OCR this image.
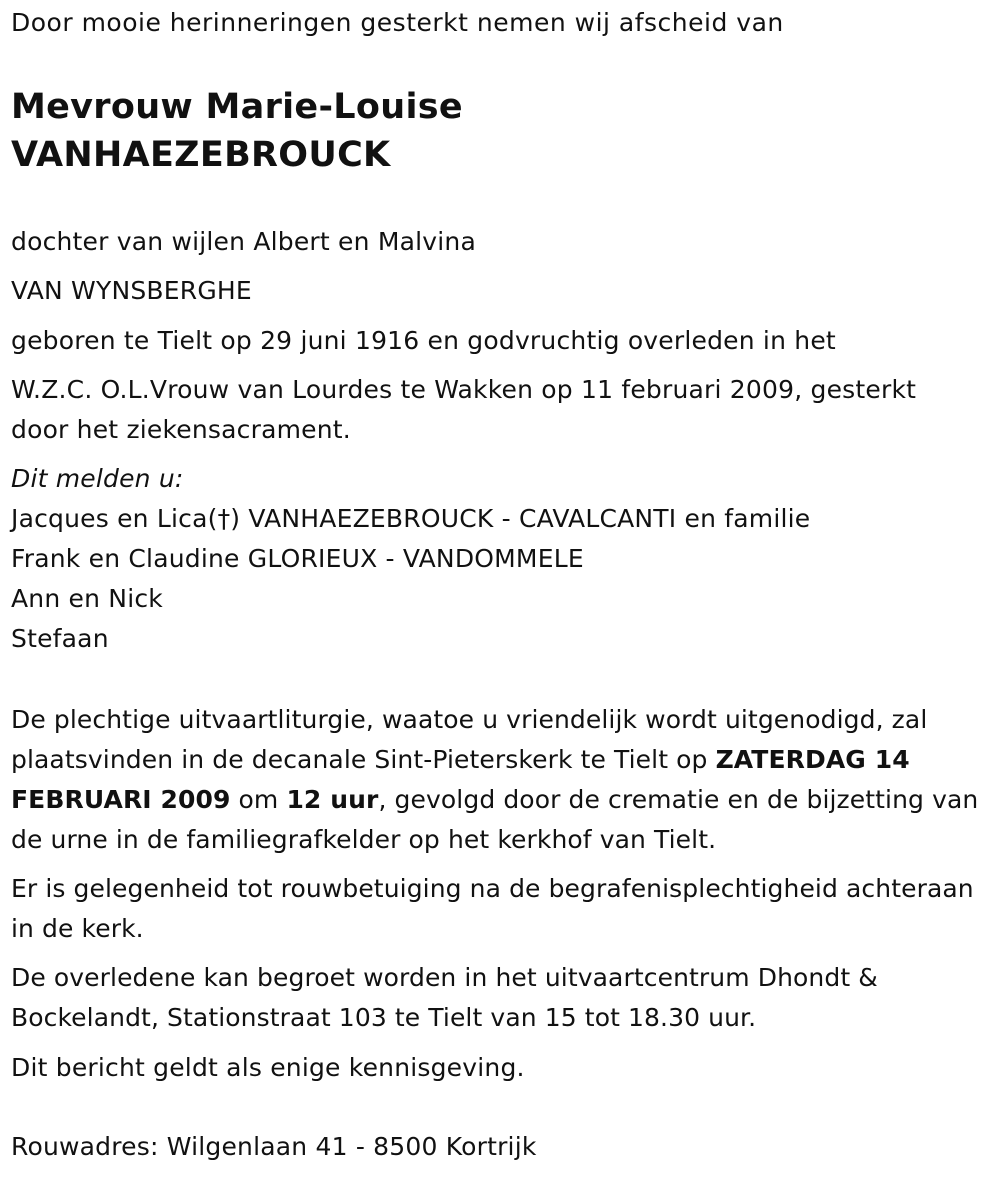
Door mooie herinneringen gesterkt nemen wij afscheid van
Mevrouw Marie-Louise
VANHAEZEBROUCK
dochter van wijlen Albert en Malvina
VAN WYNSBERGHE
geboren te Tielt op 29 juni 1916 en godvruchtig overleden in het
W.Z.C. O.L.Vrouw van Lourdes te Wakken op 11 februari 2009, gesterkt
door het ziekensacrament.
Dit melden u:
Jacques en Lica(†) VANHAEZEBROUCK - CAVALCANTI en familie
Frank en Claudine GLORIEUX - VANDOMMELE
Ann en Nick
Stefaan
De plechtige uitvaartliturgie, waatoe u vriendelijk wordt uitgenodigd, zal plaatsvinden in de decanale Sint-Pieterskerk te Tielt op ZATERDAG 14 FEBRUARI 2009 om 12 uur, gevolgd door de crematie en de bijzetting van de urne in de familiegrafkelder op het kerkhof van Tielt.
Er is gelegenheid tot rouwbetuiging na de begrafenisplechtigheid achteraan in de kerk.
De overledene kan begroet worden in het uitvaartcentrum Dhondt & Bockelandt, Stationstraat 103 te Tielt van 15 tot 18.30 uur.
Dit bericht geldt als enige kennisgeving.
Rouwadres: Wilgenlaan 41 - 8500 Kortrijk
